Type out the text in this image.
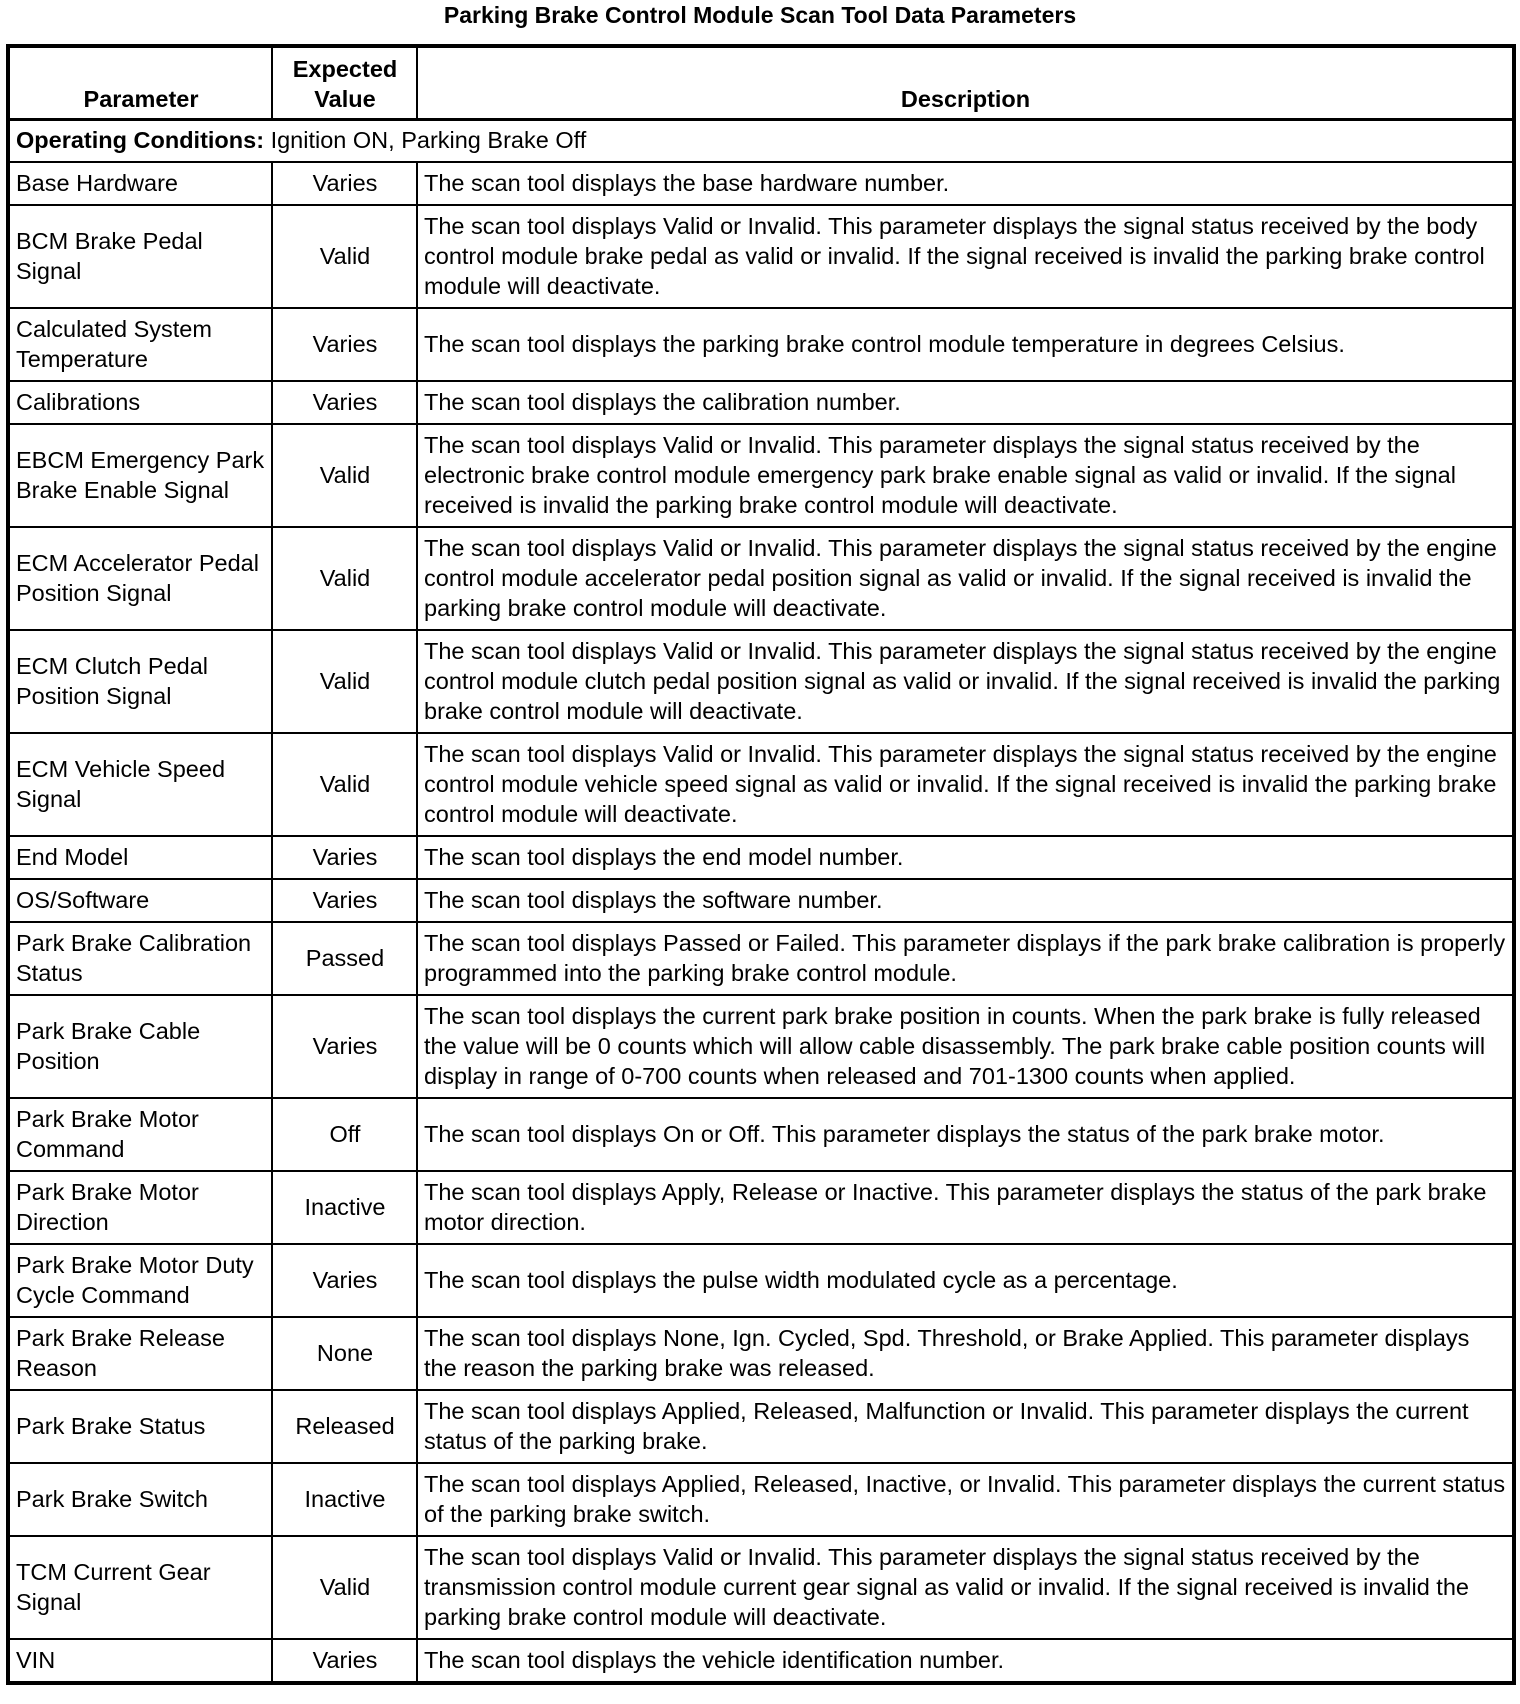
Parking Brake Control Module Scan Tool Data Parameters
Parameter	Expected Value	Description
Operating Conditions: Ignition ON, Parking Brake Off		
Base Hardware	Varies	The scan tool displays the base hardware number.
BCM Brake Pedal Signal	Valid	The scan tool displays Valid or Invalid. This parameter displays the signal status received by the body control module brake pedal as valid or invalid. If the signal received is invalid the parking brake control module will deactivate.
Calculated System Temperature	Varies	The scan tool displays the parking brake control module temperature in degrees Celsius.
Calibrations	Varies	The scan tool displays the calibration number.
EBCM Emergency Park Brake Enable Signal	Valid	The scan tool displays Valid or Invalid. This parameter displays the signal status received by the electronic brake control module emergency park brake enable signal as valid or invalid. If the signal received is invalid the parking brake control module will deactivate.
ECM Accelerator Pedal Position Signal	Valid	The scan tool displays Valid or Invalid. This parameter displays the signal status received by the engine control module accelerator pedal position signal as valid or invalid. If the signal received is invalid the parking brake control module will deactivate.
ECM Clutch Pedal Position Signal	Valid	The scan tool displays Valid or Invalid. This parameter displays the signal status received by the engine control module clutch pedal position signal as valid or invalid. If the signal received is invalid the parking brake control module will deactivate.
ECM Vehicle Speed Signal	Valid	The scan tool displays Valid or Invalid. This parameter displays the signal status received by the engine control module vehicle speed signal as valid or invalid. If the signal received is invalid the parking brake control module will deactivate.
End Model	Varies	The scan tool displays the end model number.
OS/Software	Varies	The scan tool displays the software number.
Park Brake Calibration Status	Passed	The scan tool displays Passed or Failed. This parameter displays if the park brake calibration is properly programmed into the parking brake control module.
Park Brake Cable Position	Varies	The scan tool displays the current park brake position in counts. When the park brake is fully released the value will be 0 counts which will allow cable disassembly. The park brake cable position counts will display in range of 0-700 counts when released and 701-1300 counts when applied.
Park Brake Motor Command	Off	The scan tool displays On or Off. This parameter displays the status of the park brake motor.
Park Brake Motor Direction	Inactive	The scan tool displays Apply, Release or Inactive. This parameter displays the status of the park brake motor direction.
Park Brake Motor Duty Cycle Command	Varies	The scan tool displays the pulse width modulated cycle as a percentage.
Park Brake Release Reason	None	The scan tool displays None, Ign. Cycled, Spd. Threshold, or Brake Applied. This parameter displays the reason the parking brake was released.
Park Brake Status	Released	The scan tool displays Applied, Released, Malfunction or Invalid. This parameter displays the current status of the parking brake.
Park Brake Switch	Inactive	The scan tool displays Applied, Released, Inactive, or Invalid. This parameter displays the current status of the parking brake switch.
TCM Current Gear Signal	Valid	The scan tool displays Valid or Invalid. This parameter displays the signal status received by the transmission control module current gear signal as valid or invalid. If the signal received is invalid the parking brake control module will deactivate.
VIN	Varies	The scan tool displays the vehicle identification number.
